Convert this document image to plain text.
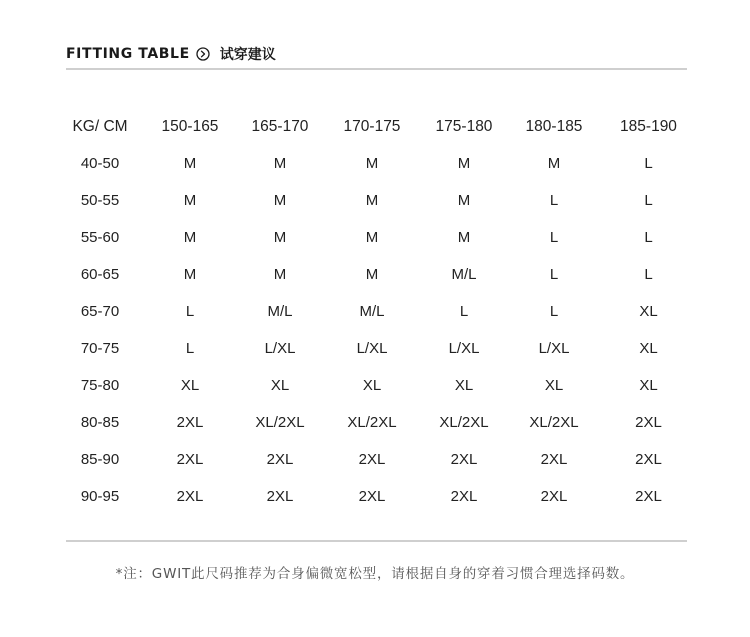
FITTING TABLE 试穿建议
KG/ CM	150-165	165-170	170-175	175-180	180-185	185-190
40-50	M	M	M	M	M	L
50-55	M	M	M	M	L	L
55-60	M	M	M	M	L	L
60-65	M	M	M	M/L	L	L
65-70	L	M/L	M/L	L	L	XL
70-75	L	L/XL	L/XL	L/XL	L/XL	XL
75-80	XL	XL	XL	XL	XL	XL
80-85	2XL	XL/2XL	XL/2XL	XL/2XL	XL/2XL	2XL
85-90	2XL	2XL	2XL	2XL	2XL	2XL
90-95	2XL	2XL	2XL	2XL	2XL	2XL
*注：GWIT此尺码推荐为合身偏微宽松型，请根据自身的穿着习惯合理选择码数。
